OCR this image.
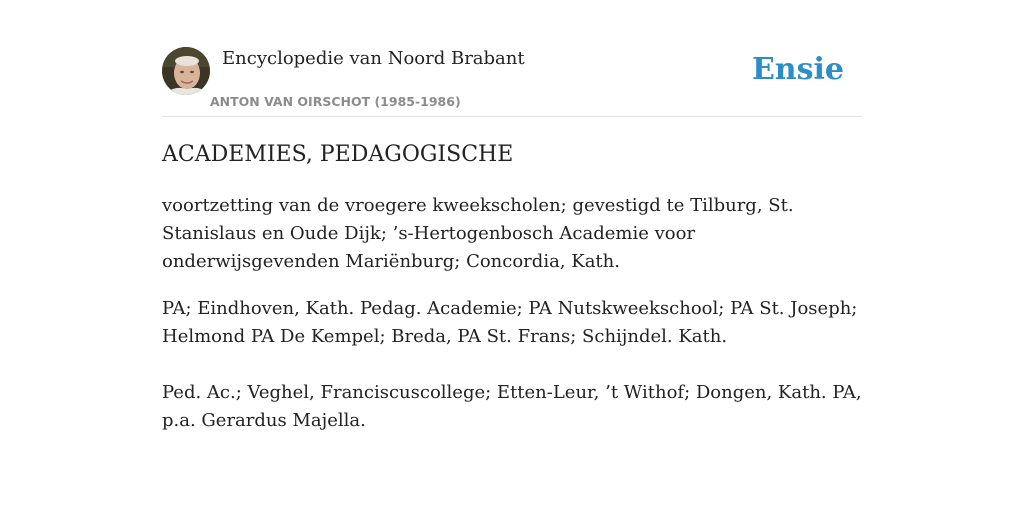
Encyclopedie van Noord Brabant
ANTON VAN OIRSCHOT (1985-1986)
Ensie
ACADEMIES, PEDAGOGISCHE

voortzetting van de vroegere kweekscholen; gevestigd te Tilburg, St. Stanislaus en Oude Dijk; ’s-Hertogenbosch Academie voor onderwijsgevenden Mariënburg; Concordia, Kath.

PA; Eindhoven, Kath. Pedag. Academie; PA Nutskweekschool; PA St. Joseph; Helmond PA De Kempel; Breda, PA St. Frans; Schijndel. Kath.

Ped. Ac.; Veghel, Franciscuscollege; Etten-Leur, ’t Withof; Dongen, Kath. PA, p.a. Gerardus Majella.
